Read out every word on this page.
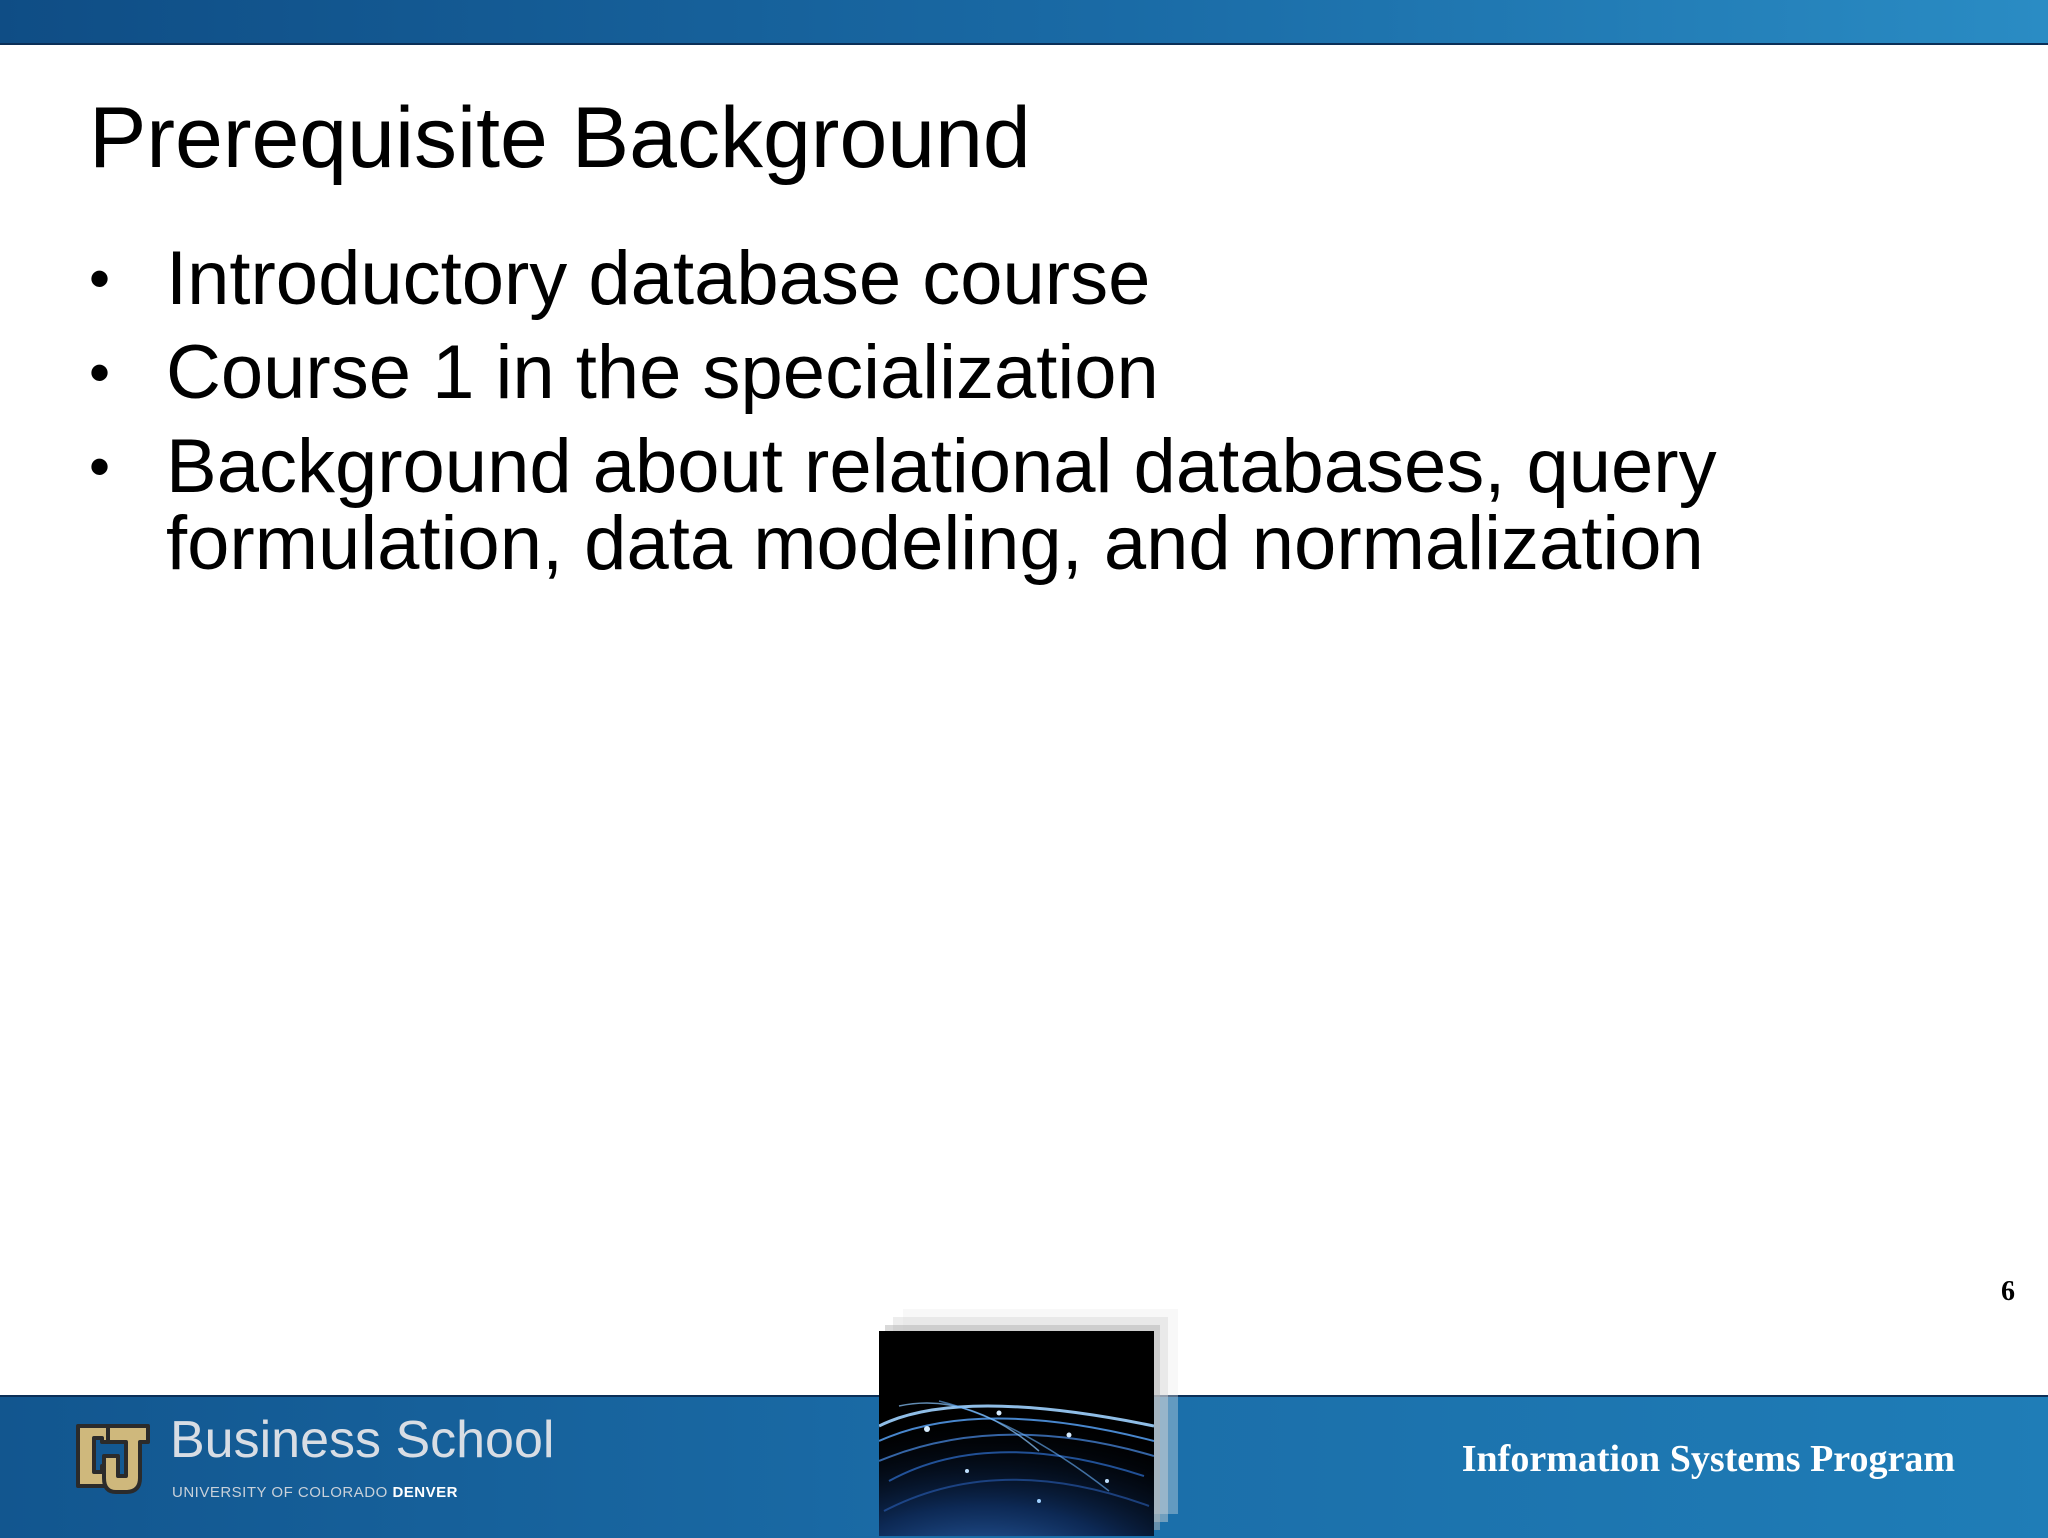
Prerequisite Background
• Introductory database course
• Course 1 in the specialization
• Background about relational databases, query formulation, data modeling, and normalization
6
Business School
UNIVERSITY OF COLORADO DENVER
Information Systems Program
